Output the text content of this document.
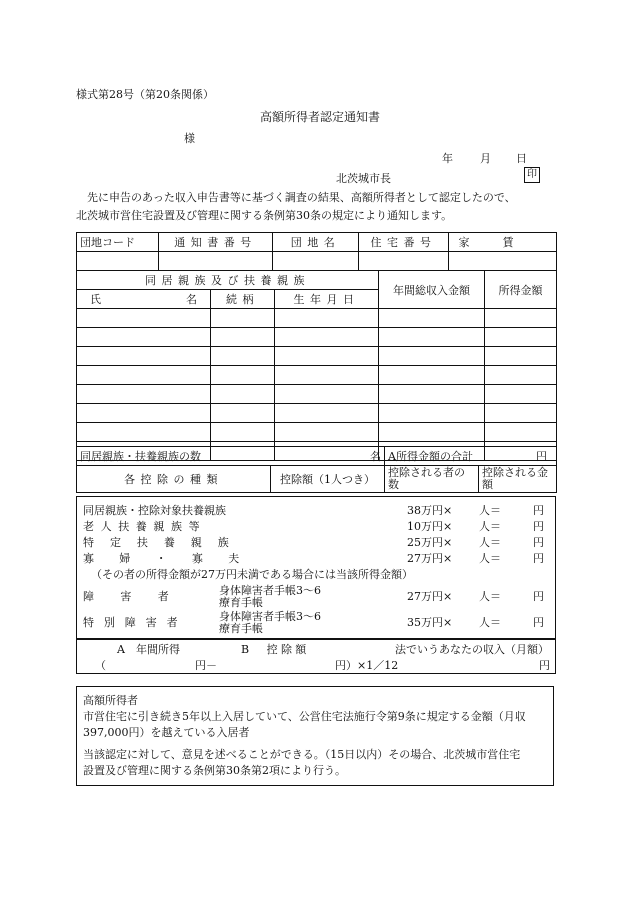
様式第28号（第20条関係）
高額所得者認定通知書
様
年 月 日
北茨城市長	印

先に申告のあった収入申告書等に基づく調査の結果、高額所得者として認定したので、

北茨城市営住宅設置及び管理に関する条例第30条の規定により通知します。

団地コード	通知書番号	団地名	住宅番号	家賃

同居親族及び扶養親族			年間総収入金額	所得金額

氏 名	続柄	生年月日		

同居親族・扶養親族の数 名		A所得金額の合計 円	

各控除の種類	控除額（1人つき）	控除される者の数	控除される金額
同居親族・控除対象扶養親族	38万円×	人＝	円
老人扶養親族等	10万円×	人＝	円
特定扶養親族	25万円×	人＝	円
寡婦・寡夫	27万円×	人＝	円
（その者の所得金額が27万円未満である場合には当該所得金額）
障害者	身体障害者手帳3～6
療育手帳	27万円×	人＝	円
特別障害者	身体障害者手帳3～6
療育手帳	35万円×	人＝	円
A　年間所得	B　控除額	法でいうあなたの収入（月額）
（	円－	円）×1／12	円

高額所得者

市営住宅に引き続き5年以上入居していて、公営住宅法施行令第9条に規定する金額（月収

397,000円）を越えている入居者

当該認定に対して、意見を述べることができる。（15日以内）その場合、北茨城市営住宅

設置及び管理に関する条例第30条第2項により行う。
